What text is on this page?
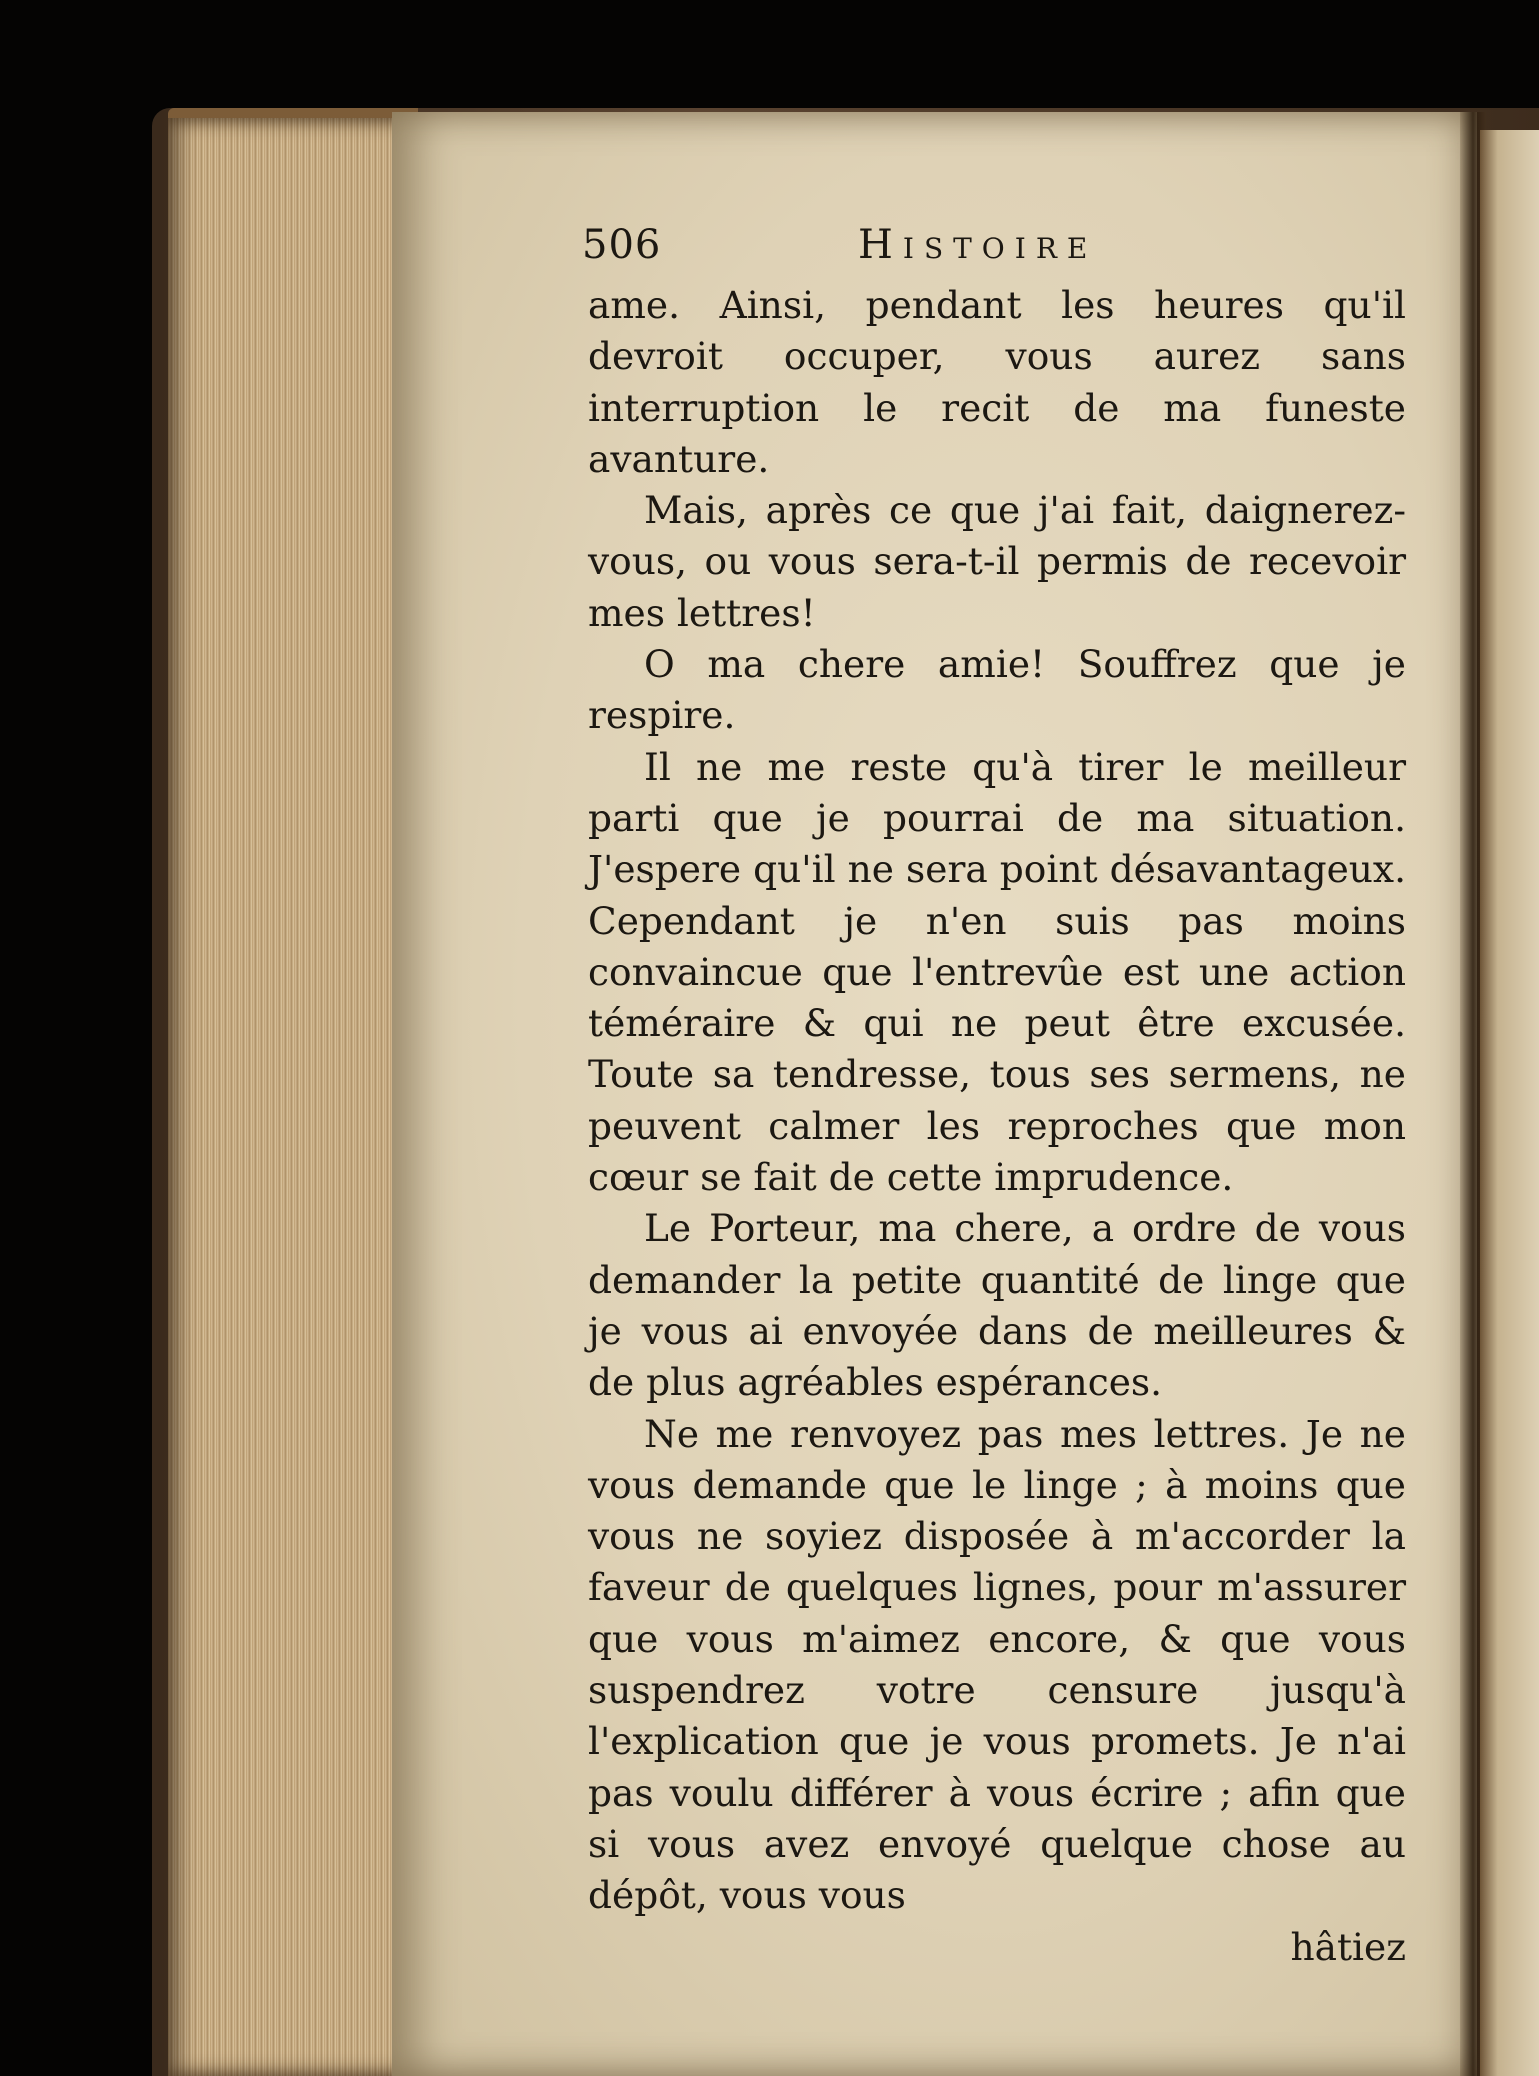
506	Histoire

ame. Ainsi, pendant les heures qu'il devroit occuper, vous aurez sans interruption le recit de ma funeste avanture.

Mais, après ce que j'ai fait, daignerez-vous, ou vous sera-t-il permis de recevoir mes lettres!

O ma chere amie! Souffrez que je respire.

Il ne me reste qu'à tirer le meilleur parti que je pourrai de ma situation. J'espere qu'il ne sera point désavantageux. Cependant je n'en suis pas moins convaincue que l'entrevûe est une action téméraire & qui ne peut être excusée. Toute sa tendresse, tous ses sermens, ne peuvent calmer les reproches que mon cœur se fait de cette imprudence.

Le Porteur, ma chere, a ordre de vous demander la petite quantité de linge que je vous ai envoyée dans de meilleures & de plus agréables espérances.

Ne me renvoyez pas mes lettres. Je ne vous demande que le linge ; à moins que vous ne soyiez disposée à m'accorder la faveur de quelques lignes, pour m'assurer que vous m'aimez encore, & que vous suspendrez votre censure jusqu'à l'explication que je vous promets. Je n'ai pas voulu différer à vous écrire ; afin que si vous avez envoyé quelque chose au dépôt, vous vous

hâtiez
